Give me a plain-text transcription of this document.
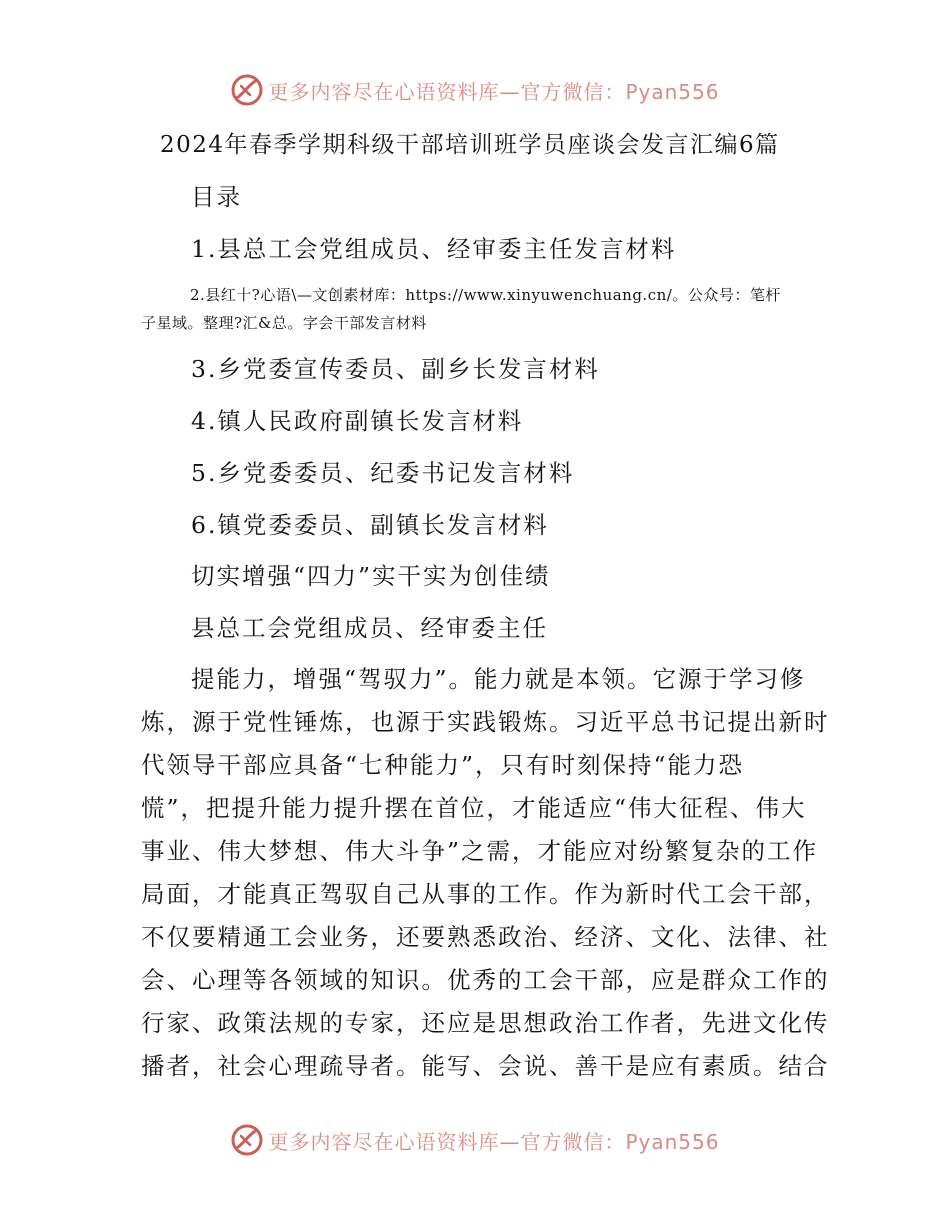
更多内容尽在心语资料库—官方微信：Pyan556
2024年春季学期科级干部培训班学员座谈会发言汇编6篇
目录
1.县总工会党组成员、经审委主任发言材料
2.县红十?心语\—文创素材库：https://www.xinyuwenchuang.cn/。公众号：笔杆
子星域。整理?汇&总。字会干部发言材料
3.乡党委宣传委员、副乡长发言材料
4.镇人民政府副镇长发言材料
5.乡党委委员、纪委书记发言材料
6.镇党委委员、副镇长发言材料
切实增强“四力”实干实为创佳绩
县总工会党组成员、经审委主任
提能力，增强“驾驭力”。能力就是本领。它源于学习修
炼，源于党性锤炼，也源于实践锻炼。习近平总书记提出新时
代领导干部应具备“七种能力”，只有时刻保持“能力恐
慌”，把提升能力提升摆在首位，才能适应“伟大征程、伟大
事业、伟大梦想、伟大斗争”之需，才能应对纷繁复杂的工作
局面，才能真正驾驭自己从事的工作。作为新时代工会干部，
不仅要精通工会业务，还要熟悉政治、经济、文化、法律、社
会、心理等各领域的知识。优秀的工会干部，应是群众工作的
行家、政策法规的专家，还应是思想政治工作者，先进文化传
播者，社会心理疏导者。能写、会说、善干是应有素质。结合
更多内容尽在心语资料库—官方微信：Pyan556
